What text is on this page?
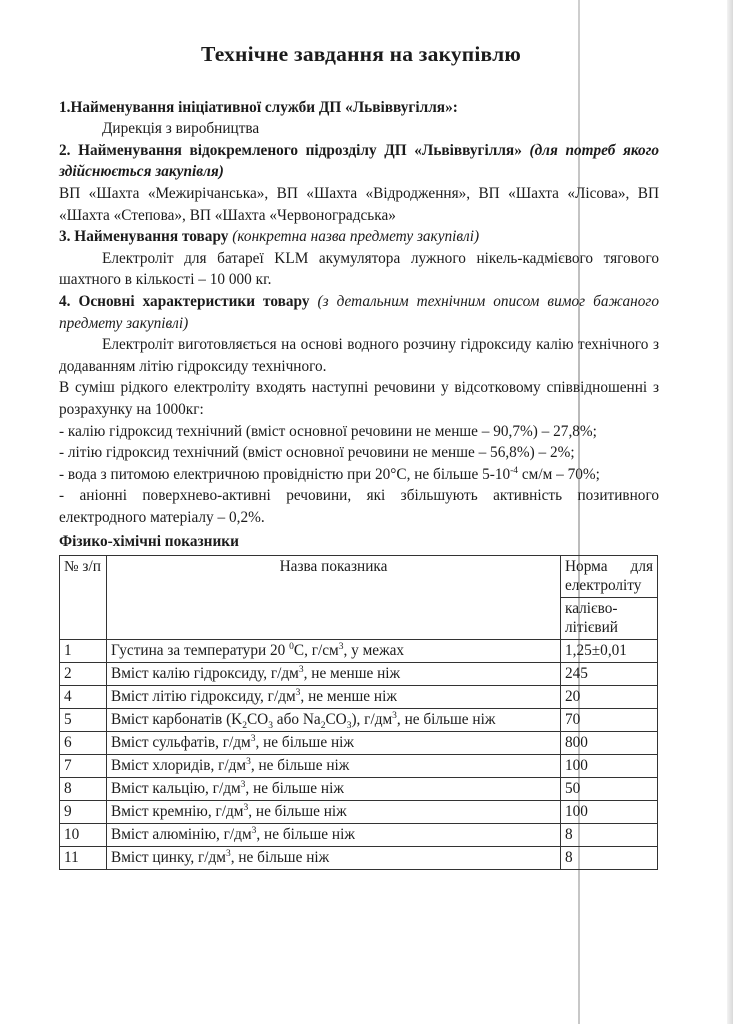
Технічне завдання на закупівлю

1.Найменування ініціативної служби ДП «Львіввугілля»:

Дирекція з виробництва

2. Найменування відокремленого підрозділу ДП «Львіввугілля» (для потреб якого здійснюється закупівля)

ВП «Шахта «Межирічанська», ВП «Шахта «Відродження», ВП «Шахта «Лісова», ВП «Шахта «Степова», ВП «Шахта «Червоноградська»

3. Найменування товару (конкретна назва предмету закупівлі)

Електроліт для батареї KLM акумулятора лужного нікель-кадмієвого тягового шахтного в кількості – 10 000 кг.

4. Основні характеристики товару (з детальним технічним описом вимог бажаного предмету закупівлі)

Електроліт виготовляється на основі водного розчину гідроксиду калію технічного з додаванням літію гідроксиду технічного.

В суміш рідкого електроліту входять наступні речовини у відсотковому співвідношенні з розрахунку на 1000кг:

- калію гідроксид технічний (вміст основної речовини не менше – 90,7%) – 27,8%;

- літію гідроксид технічний (вміст основної речовини не менше – 56,8%) – 2%;

- вода з питомою електричною провідністю при 20°С, не більше $5-10^{-4}$ см/м – 70%;

- аніонні поверхнево-активні речовини, які збільшують активність позитивного електродного матеріалу – 0,2%.

Фізико-хімічні показники

№ з/п	Назва показника	Норма для електроліту
		калієво-літієвий
1	Густина за температури 20 $^0$С, $г/см^3$, у межах	1,25±0,01
2	Вміст калію гідроксиду, $г/дм^3$, не менше ніж	245
4	Вміст літію гідроксиду, $г/дм^3$, не менше ніж	20
5	Вміст карбонатів ($K_2CO_3$ або $Na_2CO_3$), $г/дм^3$, не більше ніж	70
6	Вміст сульфатів, $г/дм^3$, не більше ніж	800
7	Вміст хлоридів, $г/дм^3$, не більше ніж	100
8	Вміст кальцію, $г/дм^3$, не більше ніж	50
9	Вміст кремнію, $г/дм^3$, не більше ніж	100
10	Вміст алюмінію, $г/дм^3$, не більше ніж	8
11	Вміст цинку, $г/дм^3$, не більше ніж	8
